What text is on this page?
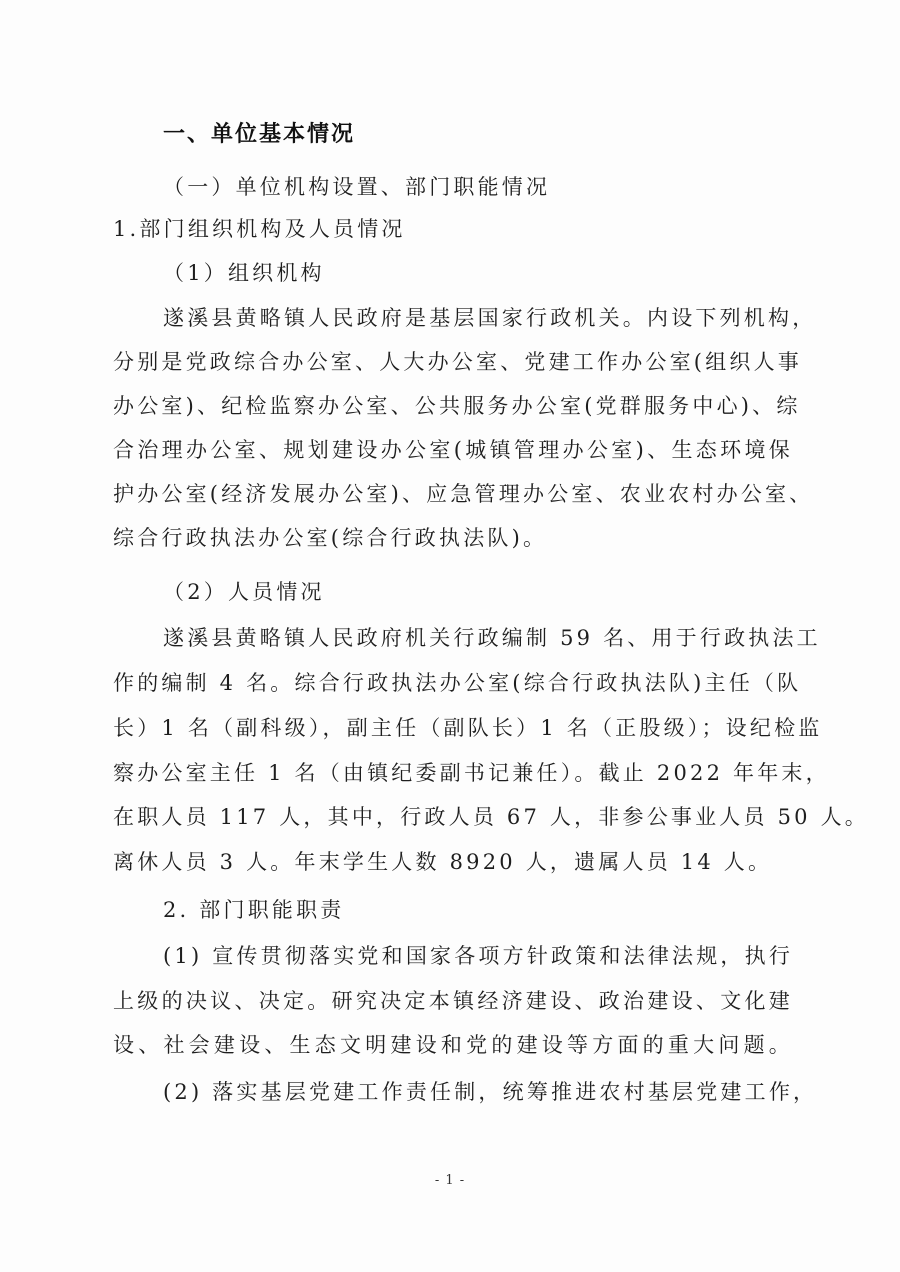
一、单位基本情况
（一）单位机构设置、部门职能情况
1.部门组织机构及人员情况
（1）组织机构
遂溪县黄略镇人民政府是基层国家行政机关。内设下列机构，
分别是党政综合办公室、人大办公室、党建工作办公室(组织人事
办公室)、纪检监察办公室、公共服务办公室(党群服务中心)、综
合治理办公室、规划建设办公室(城镇管理办公室)、生态环境保
护办公室(经济发展办公室)、应急管理办公室、农业农村办公室、
综合行政执法办公室(综合行政执法队)。
（2）人员情况
遂溪县黄略镇人民政府机关行政编制 59 名、用于行政执法工
作的编制 4 名。综合行政执法办公室(综合行政执法队)主任（队
长）1 名（副科级），副主任（副队长）1 名（正股级）；设纪检监
察办公室主任 1 名（由镇纪委副书记兼任）。截止 2022 年年末，
在职人员 117 人，其中，行政人员 67 人，非参公事业人员 50 人。
离休人员 3 人。年末学生人数 8920 人，遗属人员 14 人。
2. 部门职能职责
(1) 宣传贯彻落实党和国家各项方针政策和法律法规，执行
上级的决议、决定。研究决定本镇经济建设、政治建设、文化建
设、社会建设、生态文明建设和党的建设等方面的重大问题。
(2) 落实基层党建工作责任制，统筹推进农村基层党建工作，
- 1 -
